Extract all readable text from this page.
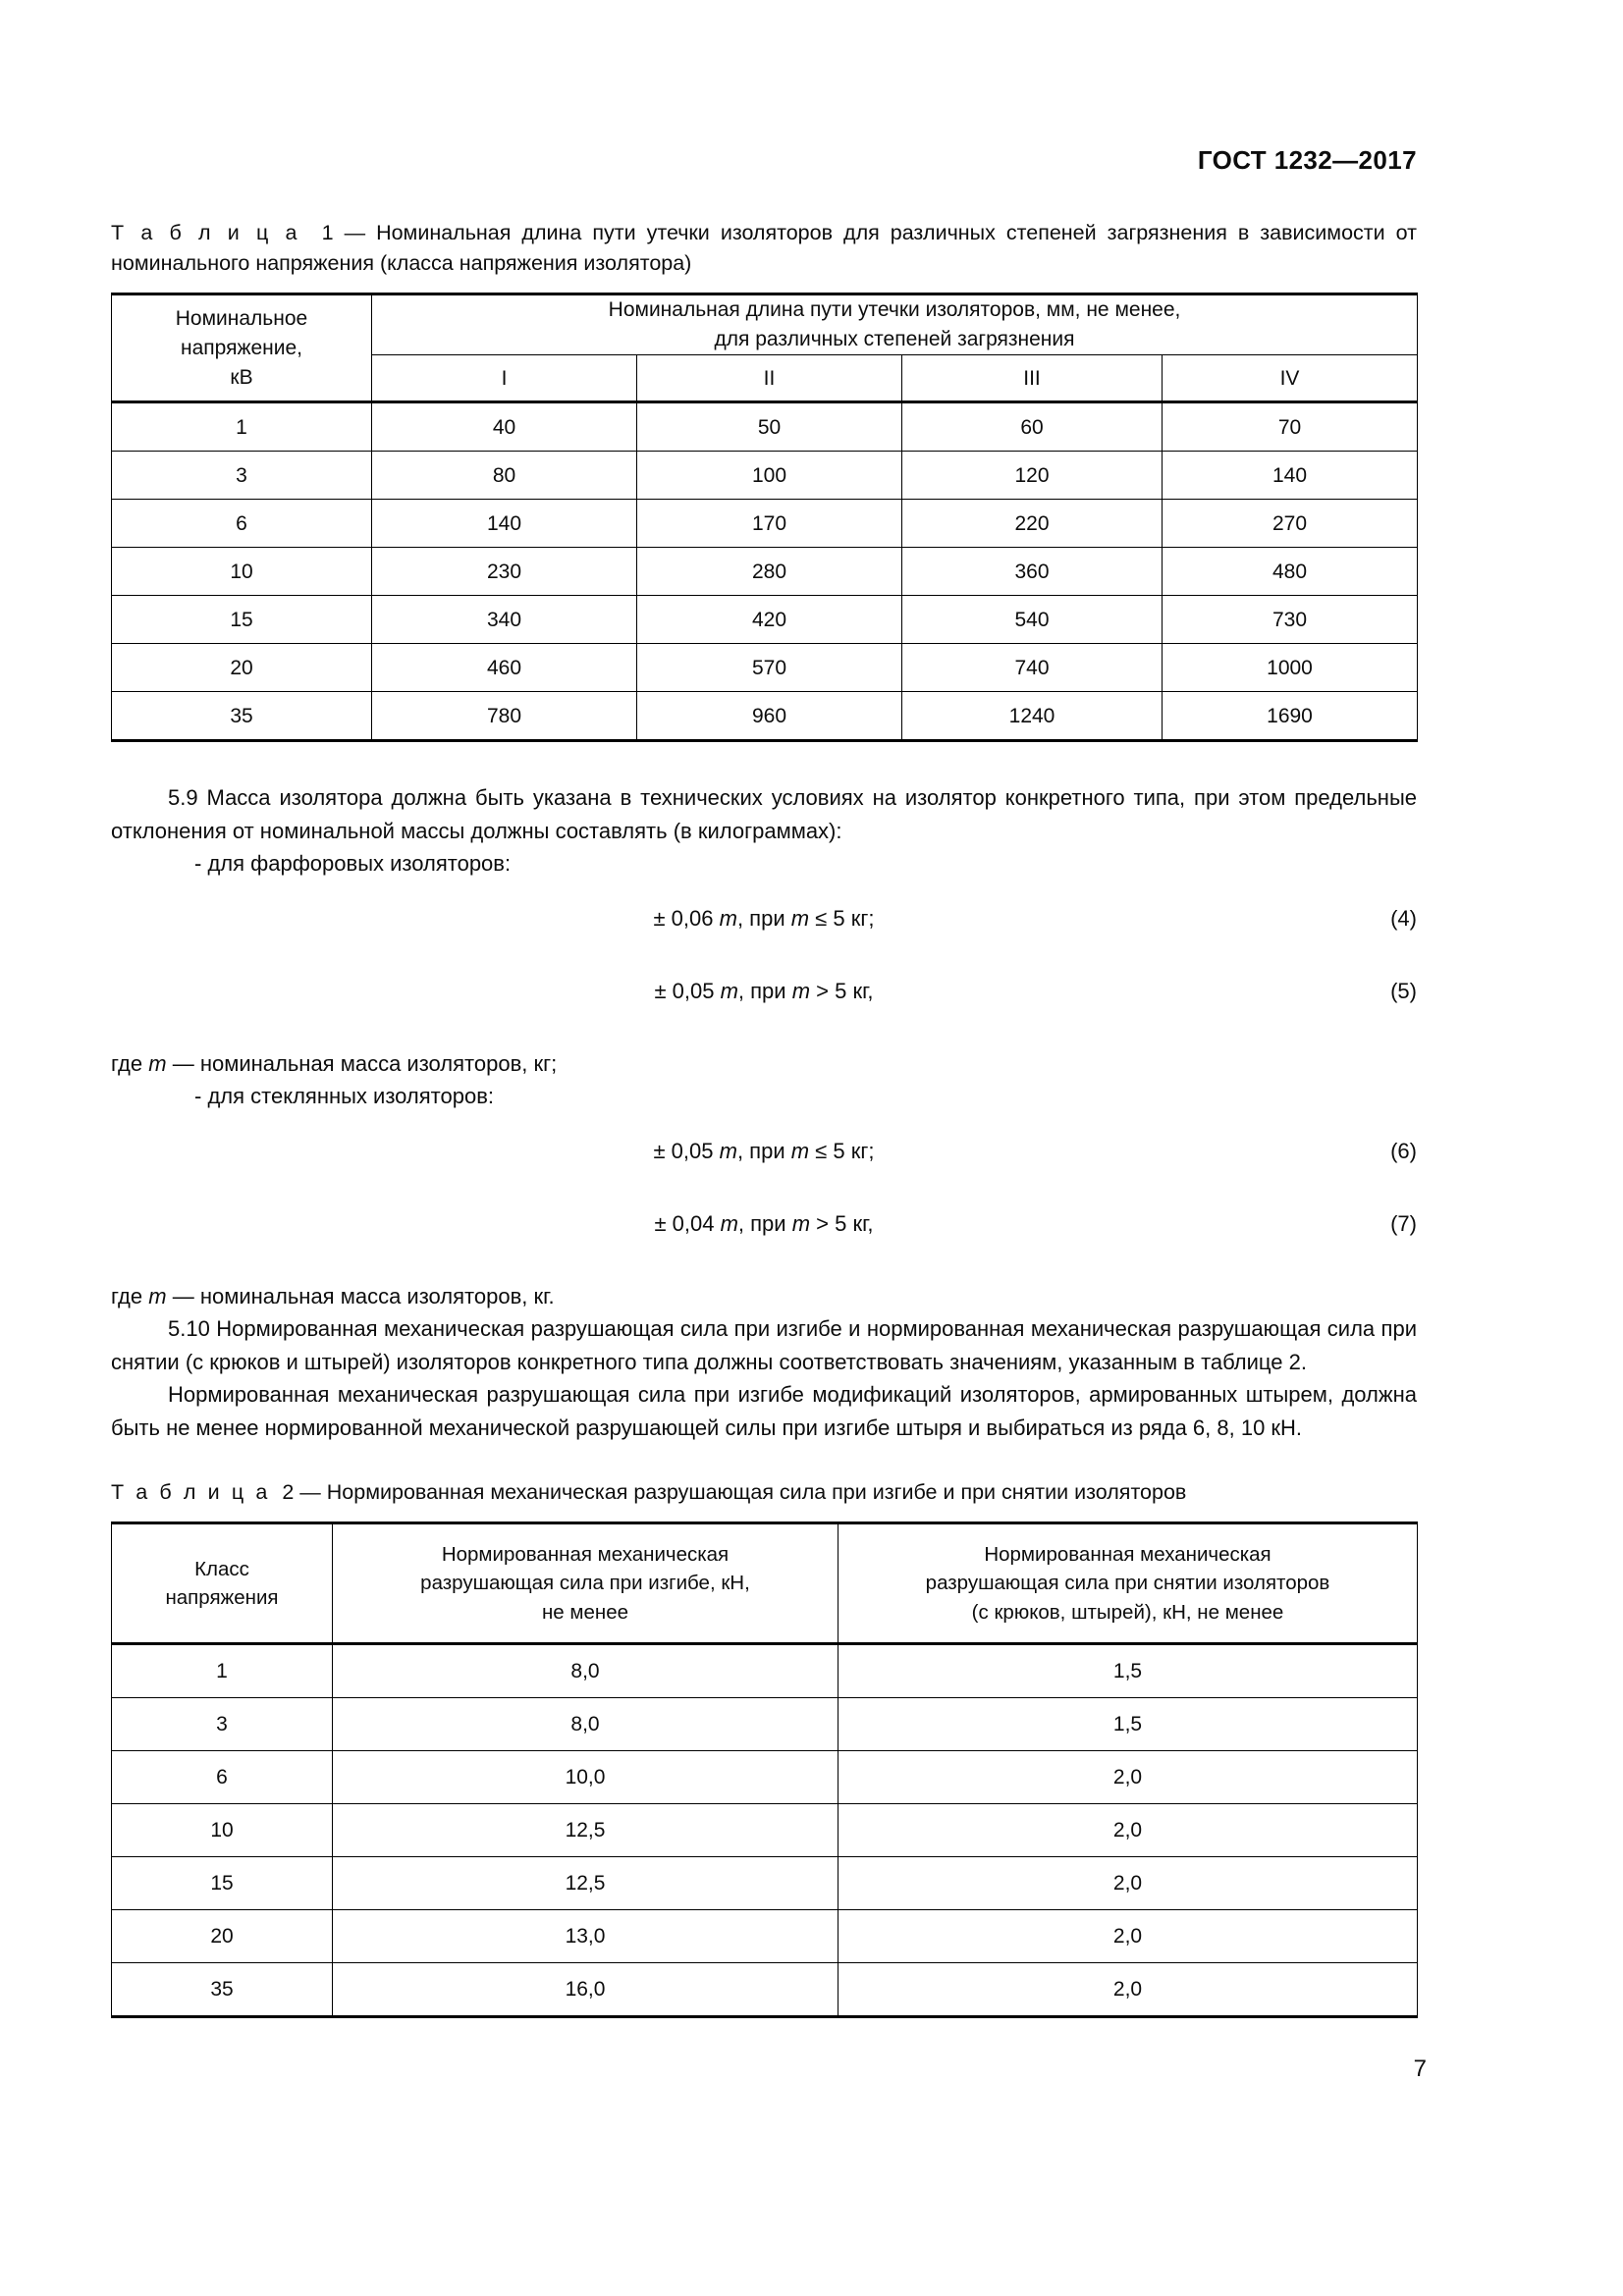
ГОСТ 1232—2017

Т а б л и ц а 1 — Номинальная длина пути утечки изоляторов для различных степеней загрязнения в зависимости от номинального напряжения (класса напряжения изолятора)

Номинальное
напряжение,
кВ

Номинальная длина пути утечки изоляторов, мм, не менее,
для различных степеней загрязнения

	I	II	III	IV
1	40	50	60	70
3	80	100	120	140
6	140	170	220	270
10	230	280	360	480
15	340	420	540	730
20	460	570	740	1000
35	780	960	1240	1690

5.9 Масса изолятора должна быть указана в технических условиях на изолятор конкретного типа, при этом предельные отклонения от номинальной массы должны составлять (в килограммах):

- для фарфоровых изоляторов:

± 0,06 m, при m ≤ 5 кг;	(4)
± 0,05 m, при m > 5 кг,	(5)

где m — номинальная масса изоляторов, кг;

- для стеклянных изоляторов:

± 0,05 m, при m ≤ 5 кг;	(6)
± 0,04 m, при m > 5 кг,	(7)

где m — номинальная масса изоляторов, кг.

5.10 Нормированная механическая разрушающая сила при изгибе и нормированная механическая разрушающая сила при снятии (с крюков и штырей) изоляторов конкретного типа должны соответствовать значениям, указанным в таблице 2.

Нормированная механическая разрушающая сила при изгибе модификаций изоляторов, армированных штырем, должна быть не менее нормированной механической разрушающей силы при изгибе штыря и выбираться из ряда 6, 8, 10 кН.

Т а б л и ц а 2 — Нормированная механическая разрушающая сила при изгибе и при снятии изоляторов

Класс
напряжения

Нормированная механическая
разрушающая сила при изгибе, кН,
не менее

Нормированная механическая
разрушающая сила при снятии изоляторов
(с крюков, штырей), кН, не менее

1	8,0	1,5
3	8,0	1,5
6	10,0	2,0
10	12,5	2,0
15	12,5	2,0
20	13,0	2,0
35	16,0	2,0
7
